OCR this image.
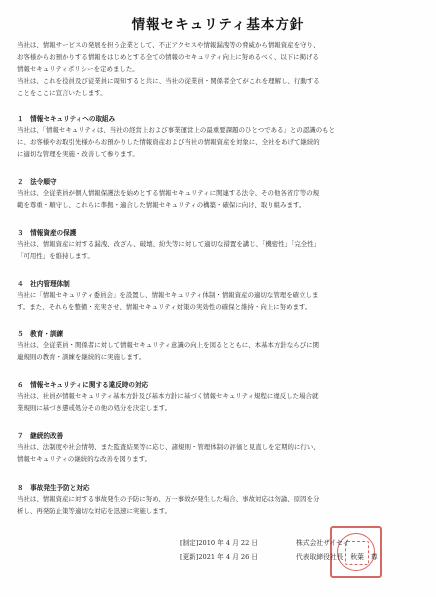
情報セキュリティ基本方針
当社は、情報サービスの発展を担う企業として、不正アクセスや情報漏洩等の脅威から情報資産を守り、
お客様からお預かりする情報をはじめとする全ての情報のセキュリティ向上に努めるべく、以下に掲げる
情報セキュリティポリシーを定めました。
当社は、これを役員及び従業員に周知すると共に、当社の従業員・関係者全てがこれを理解し、行動する
ことをここに宣言いたします。
１　情報セキュリティへの取組み
当社は、「情報セキュリティは、当社の経営上および事業運営上の最重要課題のひとつである」との認識のもと
に、お客様やお取引先様からお預かりした情報資産および当社の情報資産を対象に、全社をあげて継続的
に適切な管理を実施・改善して参ります。
２　法令順守
当社は、全従業員が個人情報保護法を始めとする情報セキュリティに関連する法令、その他各省庁等の規
範を尊重・順守し、これらに準拠・適合した情報セキュリティの構築・確保に向け、取り組みます。
３　情報資産の保護
当社は、情報資産に対する漏洩、改ざん、破壊、紛失等に対して適切な措置を講じ、「機密性」「完全性」
「可用性」を維持します。
４　社内管理体制
当社に「情報セキュリティ委員会」を設置し、情報セキュリティ体制・情報資産の適切な管理を確立しま
す。また、それらを整備・充実させ、情報セキュリティ対策の実効性の確保と維持・向上に努めます。
５　教育・訓練
当社は、全従業員・関係者に対して情報セキュリティ意識の向上を図るとともに、本基本方針ならびに関
連規則の教育・訓練を継続的に実施します。
６　情報セキュリティに関する違反時の対応
当社は、社員が情報セキュリティ基本方針及び基本方針に基づく情報セキュリティ規程に違反した場合就
業規則に基づき懲戒処分その他の処分を決定します。
７　継続的改善
当社は、法制度や社会情勢、また監査結果等に応じ、諸規則・管理体制の評価と見直しを定期的に行い、
情報セキュリティの継続的な改善を図ります。
８　事故発生予防と対応
当社は、情報資産に対する事故発生の予防に努め、万一事故が発生した場合、事故対応は勿論、原因を分
析し、再発防止策等適切な対応を迅速に実施します。
[制定]2010 年 4 月 22 日
[更新]2021 年 4 月 26 日
株式会社ザイセイ
代表取締役社長　秋葉　尊
